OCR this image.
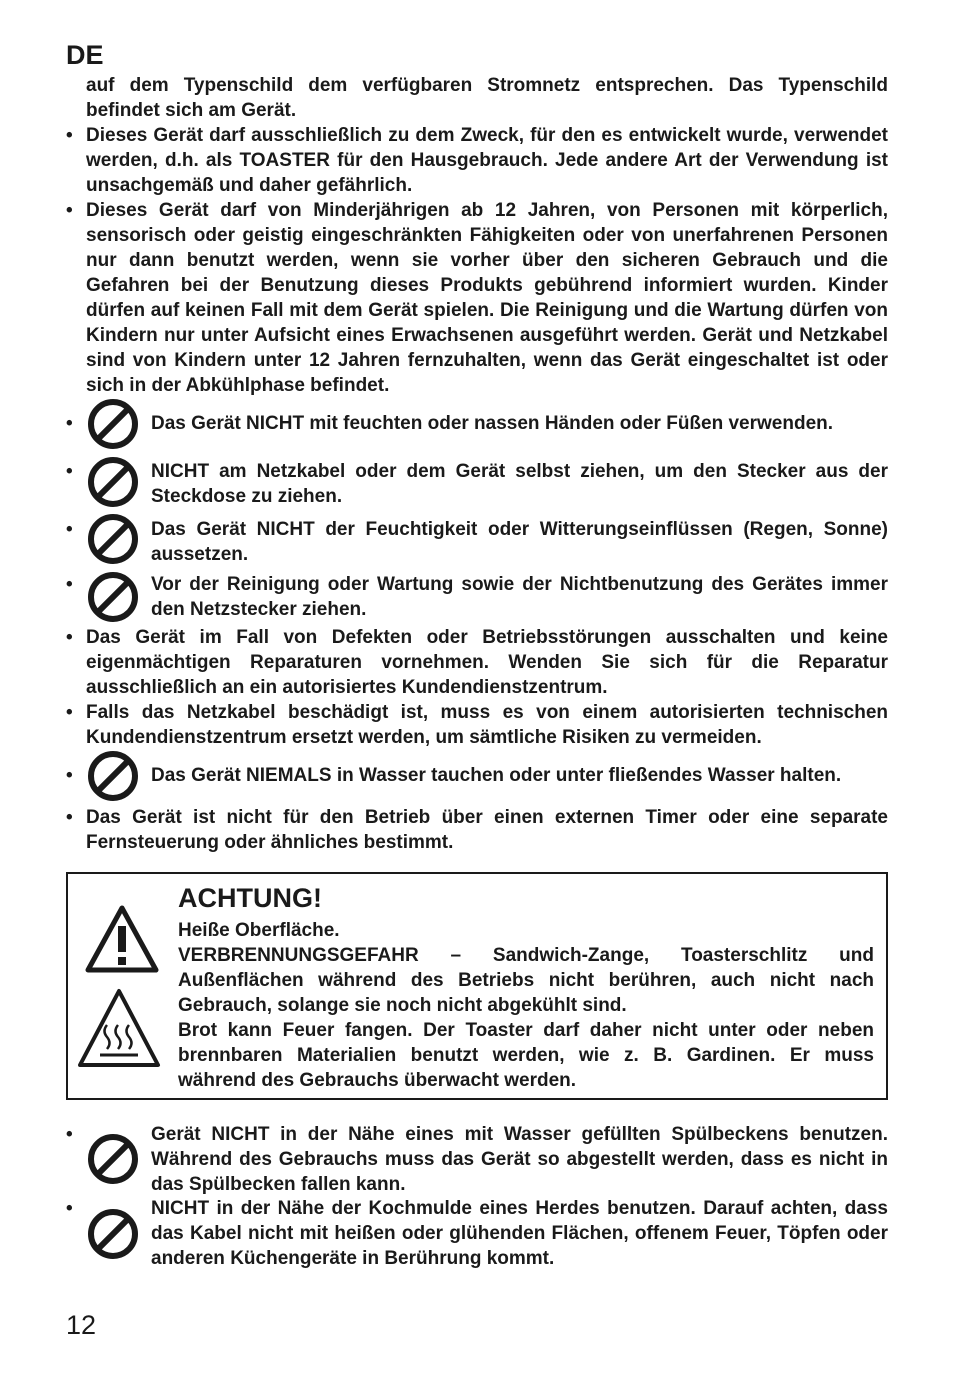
DE

auf dem Typenschild dem verfügbaren Stromnetz entsprechen. Das Typenschild befindet sich am Gerät.

• Dieses Gerät darf ausschließlich zu dem Zweck, für den es entwickelt wurde, verwendet werden, d.h. als TOASTER für den Hausgebrauch. Jede andere Art der Verwendung ist unsachgemäß und daher gefährlich.

• Dieses Gerät darf von Minderjährigen ab 12 Jahren, von Personen mit körperlich, sensorisch oder geistig eingeschränkten Fähigkeiten oder von unerfahrenen Personen nur dann benutzt werden, wenn sie vorher über den sicheren Gebrauch und die Gefahren bei der Benutzung dieses Produkts gebührend informiert wurden. Kinder dürfen auf keinen Fall mit dem Gerät spielen. Die Reinigung und die Wartung dürfen von Kindern nur unter Aufsicht eines Erwachsenen ausgeführt werden. Gerät und Netzkabel sind von Kindern unter 12 Jahren fernzuhalten, wenn das Gerät eingeschaltet ist oder sich in der Abkühlphase befindet.

•	Das Gerät NICHT mit feuchten oder nassen Händen oder Füßen verwenden.

•	NICHT am Netzkabel oder dem Gerät selbst ziehen, um den Stecker aus der Steckdose zu ziehen.

•	Das Gerät NICHT der Feuchtigkeit oder Witterungseinflüssen (Regen, Sonne) aussetzen.

•	Vor der Reinigung oder Wartung sowie der Nichtbenutzung des Gerätes immer den Netzstecker ziehen.

• Das Gerät im Fall von Defekten oder Betriebsstörungen ausschalten und keine eigenmächtigen Reparaturen vornehmen. Wenden Sie sich für die Reparatur ausschließlich an ein autorisiertes Kundendienstzentrum.

• Falls das Netzkabel beschädigt ist, muss es von einem autorisierten technischen Kundendienstzentrum ersetzt werden, um sämtliche Risiken zu vermeiden.

•	Das Gerät NIEMALS in Wasser tauchen oder unter fließendes Wasser halten.

• Das Gerät ist nicht für den Betrieb über einen externen Timer oder eine separate Fernsteuerung oder ähnliches bestimmt.

ACHTUNG!

Heiße Oberfläche.

VERBRENNUNGSGEFAHR – Sandwich-Zange, Toasterschlitz und Außenflächen während des Betriebs nicht berühren, auch nicht nach Gebrauch, solange sie noch nicht abgekühlt sind.

Brot kann Feuer fangen. Der Toaster darf daher nicht unter oder neben brennbaren Materialien benutzt werden, wie z. B. Gardinen. Er muss während des Gebrauchs überwacht werden.

•	Gerät NICHT in der Nähe eines mit Wasser gefüllten Spülbeckens benutzen. Während des Gebrauchs muss das Gerät so abgestellt werden, dass es nicht in das Spülbecken fallen kann.

•	NICHT in der Nähe der Kochmulde eines Herdes benutzen. Darauf achten, dass das Kabel nicht mit heißen oder glühenden Flächen, offenem Feuer, Töpfen oder anderen Küchengeräte in Berührung kommt.

12
